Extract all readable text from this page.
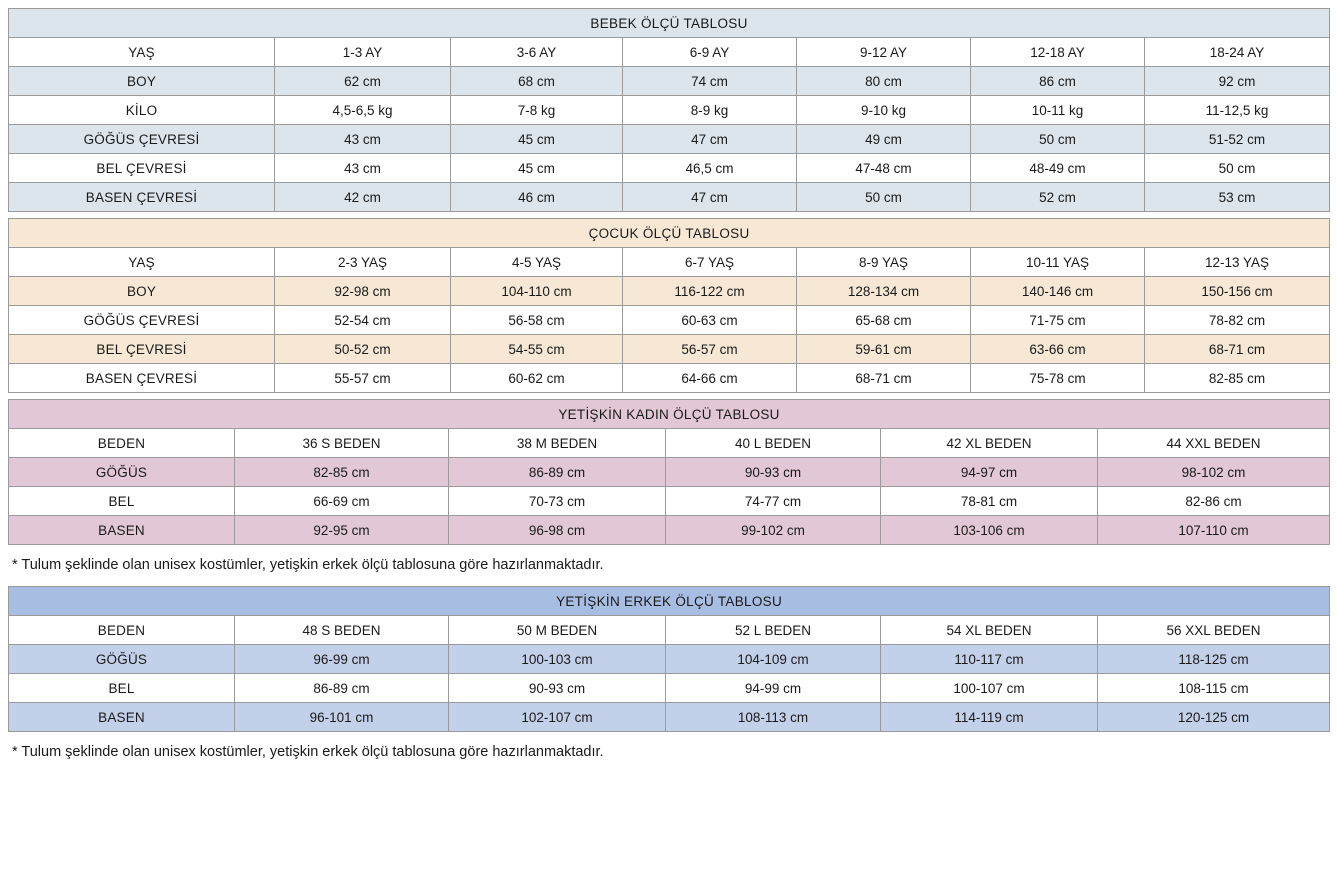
BEBEK ÖLÇÜ TABLOSU						
YAŞ	1-3 AY	3-6 AY	6-9 AY	9-12 AY	12-18 AY	18-24 AY
BOY	62 cm	68 cm	74 cm	80 cm	86 cm	92 cm
KİLO	4,5-6,5 kg	7-8 kg	8-9 kg	9-10 kg	10-11 kg	11-12,5 kg
GÖĞÜS ÇEVRESİ	43 cm	45 cm	47 cm	49 cm	50 cm	51-52 cm
BEL ÇEVRESİ	43 cm	45 cm	46,5 cm	47-48 cm	48-49 cm	50 cm
BASEN ÇEVRESİ	42 cm	46 cm	47 cm	50 cm	52 cm	53 cm
ÇOCUK ÖLÇÜ TABLOSU						
YAŞ	2-3 YAŞ	4-5 YAŞ	6-7 YAŞ	8-9 YAŞ	10-11 YAŞ	12-13 YAŞ
BOY	92-98 cm	104-110 cm	116-122 cm	128-134 cm	140-146 cm	150-156 cm
GÖĞÜS ÇEVRESİ	52-54 cm	56-58 cm	60-63 cm	65-68 cm	71-75 cm	78-82 cm
BEL ÇEVRESİ	50-52 cm	54-55 cm	56-57 cm	59-61 cm	63-66 cm	68-71 cm
BASEN ÇEVRESİ	55-57 cm	60-62 cm	64-66 cm	68-71 cm	75-78 cm	82-85 cm
YETİŞKİN KADIN ÖLÇÜ TABLOSU					
BEDEN	36 S BEDEN	38 M BEDEN	40 L BEDEN	42 XL BEDEN	44 XXL BEDEN
GÖĞÜS	82-85 cm	86-89 cm	90-93 cm	94-97 cm	98-102 cm
BEL	66-69 cm	70-73 cm	74-77 cm	78-81 cm	82-86 cm
BASEN	92-95 cm	96-98 cm	99-102 cm	103-106 cm	107-110 cm
* Tulum şeklinde olan unisex kostümler, yetişkin erkek ölçü tablosuna göre hazırlanmaktadır.
YETİŞKİN ERKEK ÖLÇÜ TABLOSU					
BEDEN	48 S BEDEN	50 M BEDEN	52 L BEDEN	54 XL BEDEN	56 XXL BEDEN
GÖĞÜS	96-99 cm	100-103 cm	104-109 cm	110-117 cm	118-125 cm
BEL	86-89 cm	90-93 cm	94-99 cm	100-107 cm	108-115 cm
BASEN	96-101 cm	102-107 cm	108-113 cm	114-119 cm	120-125 cm
* Tulum şeklinde olan unisex kostümler, yetişkin erkek ölçü tablosuna göre hazırlanmaktadır.
